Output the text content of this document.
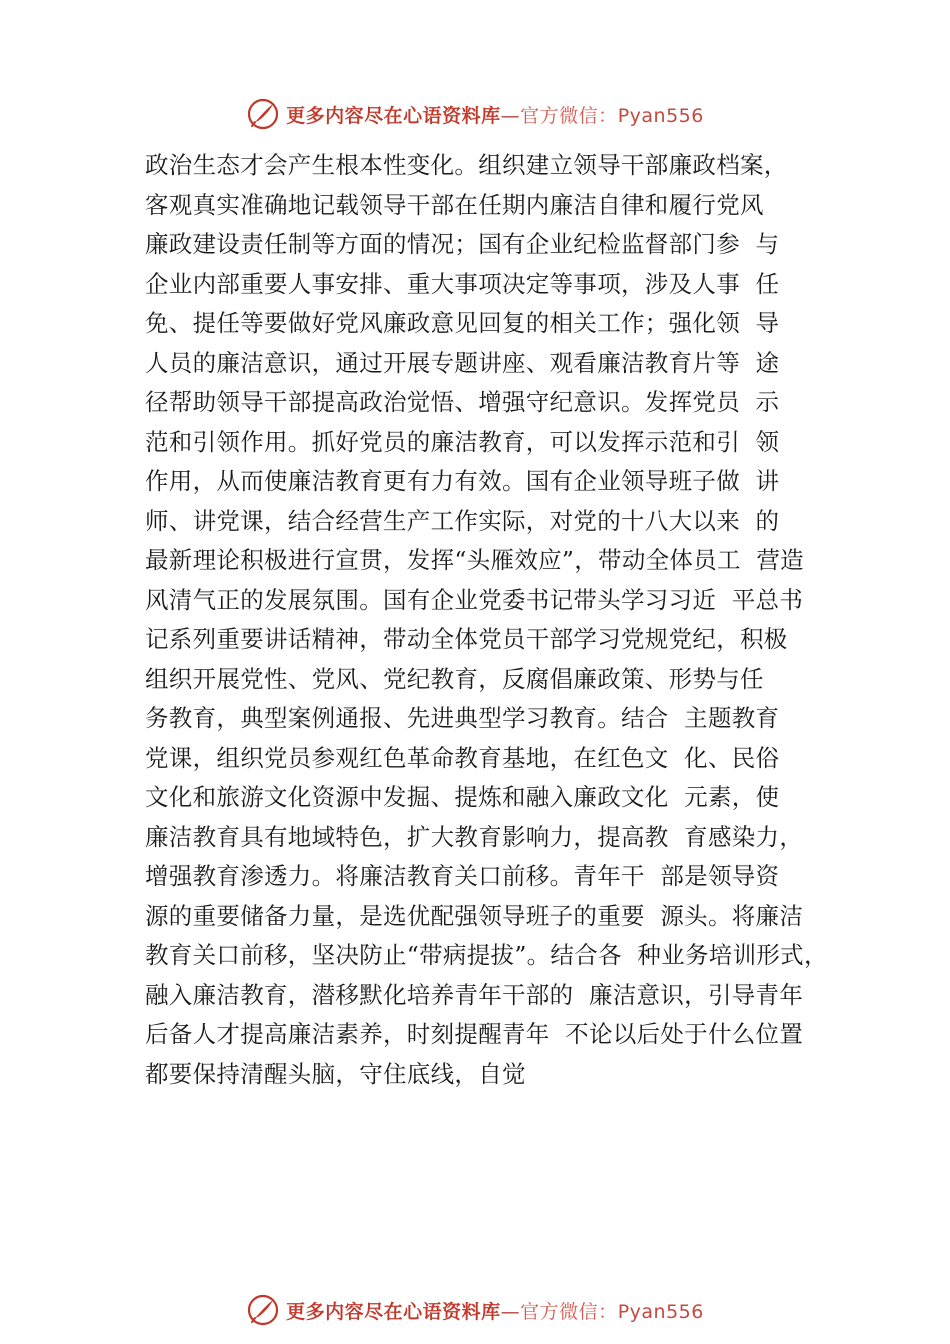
更多内容尽在心语资料库—官方微信：Pyan556
政治生态才会产生根本性变化。组织建立领导干部廉政档案，
客观真实准确地记载领导干部在任期内廉洁自律和履行党风
廉政建设责任制等方面的情况；国有企业纪检监督部门参  与
企业内部重要人事安排、重大事项决定等事项，涉及人事  任
免、提任等要做好党风廉政意见回复的相关工作；强化领  导
人员的廉洁意识，通过开展专题讲座、观看廉洁教育片等  途
径帮助领导干部提高政治觉悟、增强守纪意识。发挥党员  示
范和引领作用。抓好党员的廉洁教育，可以发挥示范和引  领
作用，从而使廉洁教育更有力有效。国有企业领导班子做  讲
师、讲党课，结合经营生产工作实际，对党的十八大以来  的
最新理论积极进行宣贯，发挥“头雁效应”，带动全体员工  营造
风清气正的发展氛围。国有企业党委书记带头学习习近  平总书
记系列重要讲话精神，带动全体党员干部学习党规党纪，积极
组织开展党性、党风、党纪教育，反腐倡廉政策、形势与任
务教育，典型案例通报、先进典型学习教育。结合  主题教育
党课，组织党员参观红色革命教育基地，在红色文  化、民俗
文化和旅游文化资源中发掘、提炼和融入廉政文化  元素，使
廉洁教育具有地域特色，扩大教育影响力，提高教  育感染力，
增强教育渗透力。将廉洁教育关口前移。青年干  部是领导资
源的重要储备力量，是选优配强领导班子的重要  源头。将廉洁
教育关口前移，坚决防止“带病提拔”。结合各  种业务培训形式，
融入廉洁教育，潜移默化培养青年干部的  廉洁意识，引导青年
后备人才提高廉洁素养，时刻提醒青年  不论以后处于什么位置
都要保持清醒头脑，守住底线，自觉
更多内容尽在心语资料库—官方微信：Pyan556
